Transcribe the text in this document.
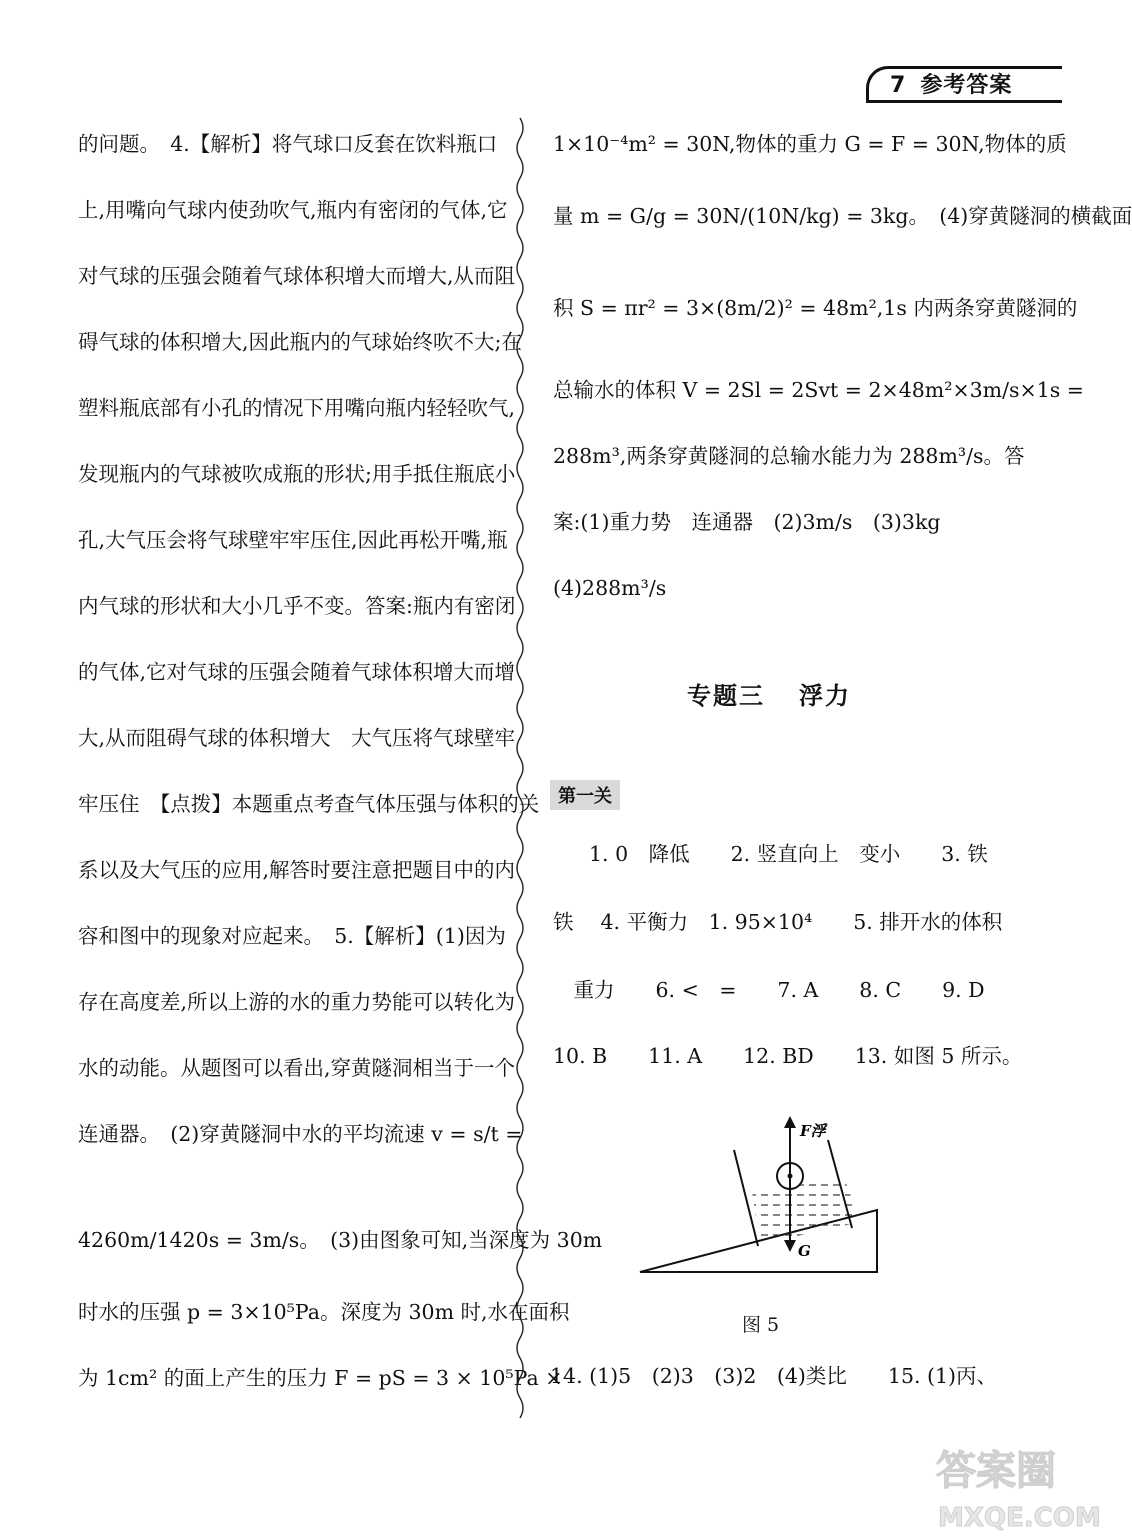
7 参考答案
的问题。　4.【解析】将气球口反套在饮料瓶口
上,用嘴向气球内使劲吹气,瓶内有密闭的气体,它
对气球的压强会随着气球体积增大而增大,从而阻
碍气球的体积增大,因此瓶内的气球始终吹不大;在
塑料瓶底部有小孔的情况下用嘴向瓶内轻轻吹气,
发现瓶内的气球被吹成瓶的形状;用手抵住瓶底小
孔,大气压会将气球壁牢牢压住,因此再松开嘴,瓶
内气球的形状和大小几乎不变。答案:瓶内有密闭
的气体,它对气球的压强会随着气球体积增大而增
大,从而阻碍气球的体积增大　大气压将气球壁牢
牢压住　【点拨】本题重点考查气体压强与体积的关
系以及大气压的应用,解答时要注意把题目中的内
容和图中的现象对应起来。　5.【解析】(1)因为
存在高度差,所以上游的水的重力势能可以转化为
水的动能。从题图可以看出,穿黄隧洞相当于一个
连通器。　(2)穿黄隧洞中水的平均流速 v = s/t =
4260m/1420s = 3m/s。　(3)由图象可知,当深度为 30m
时水的压强 p = 3×10⁵Pa。深度为 30m 时,水在面积
为 1cm² 的面上产生的压力 F = pS = 3 × 10⁵Pa ×
1×10⁻⁴m² = 30N,物体的重力 G = F = 30N,物体的质
量 m = G/g = 30N/(10N/kg) = 3kg。　(4)穿黄隧洞的横截面
积 S = πr² = 3×(8m/2)² = 48m²,1s 内两条穿黄隧洞的
总输水的体积 V = 2Sl = 2Svt = 2×48m²×3m/s×1s =
288m³,两条穿黄隧洞的总输水能力为 288m³/s。答
案:(1)重力势　连通器　(2)3m/s　(3)3kg
(4)288m³/s
专题三 浮力
第一关
1. 0　降低　　2. 竖直向上　变小　　3. 铁
铁　 4. 平衡力　1. 95×10⁴　　5. 排开水的体积
　重力　　6. <　=　　7. A　　8. C　　9. D
10. B　　11. A　　12. BD　　13. 如图 5 所示。
F浮
G
图 5
14. (1)5　(2)3　(3)2　(4)类比　　15. (1)丙、
答案圈
MXQE.COM
